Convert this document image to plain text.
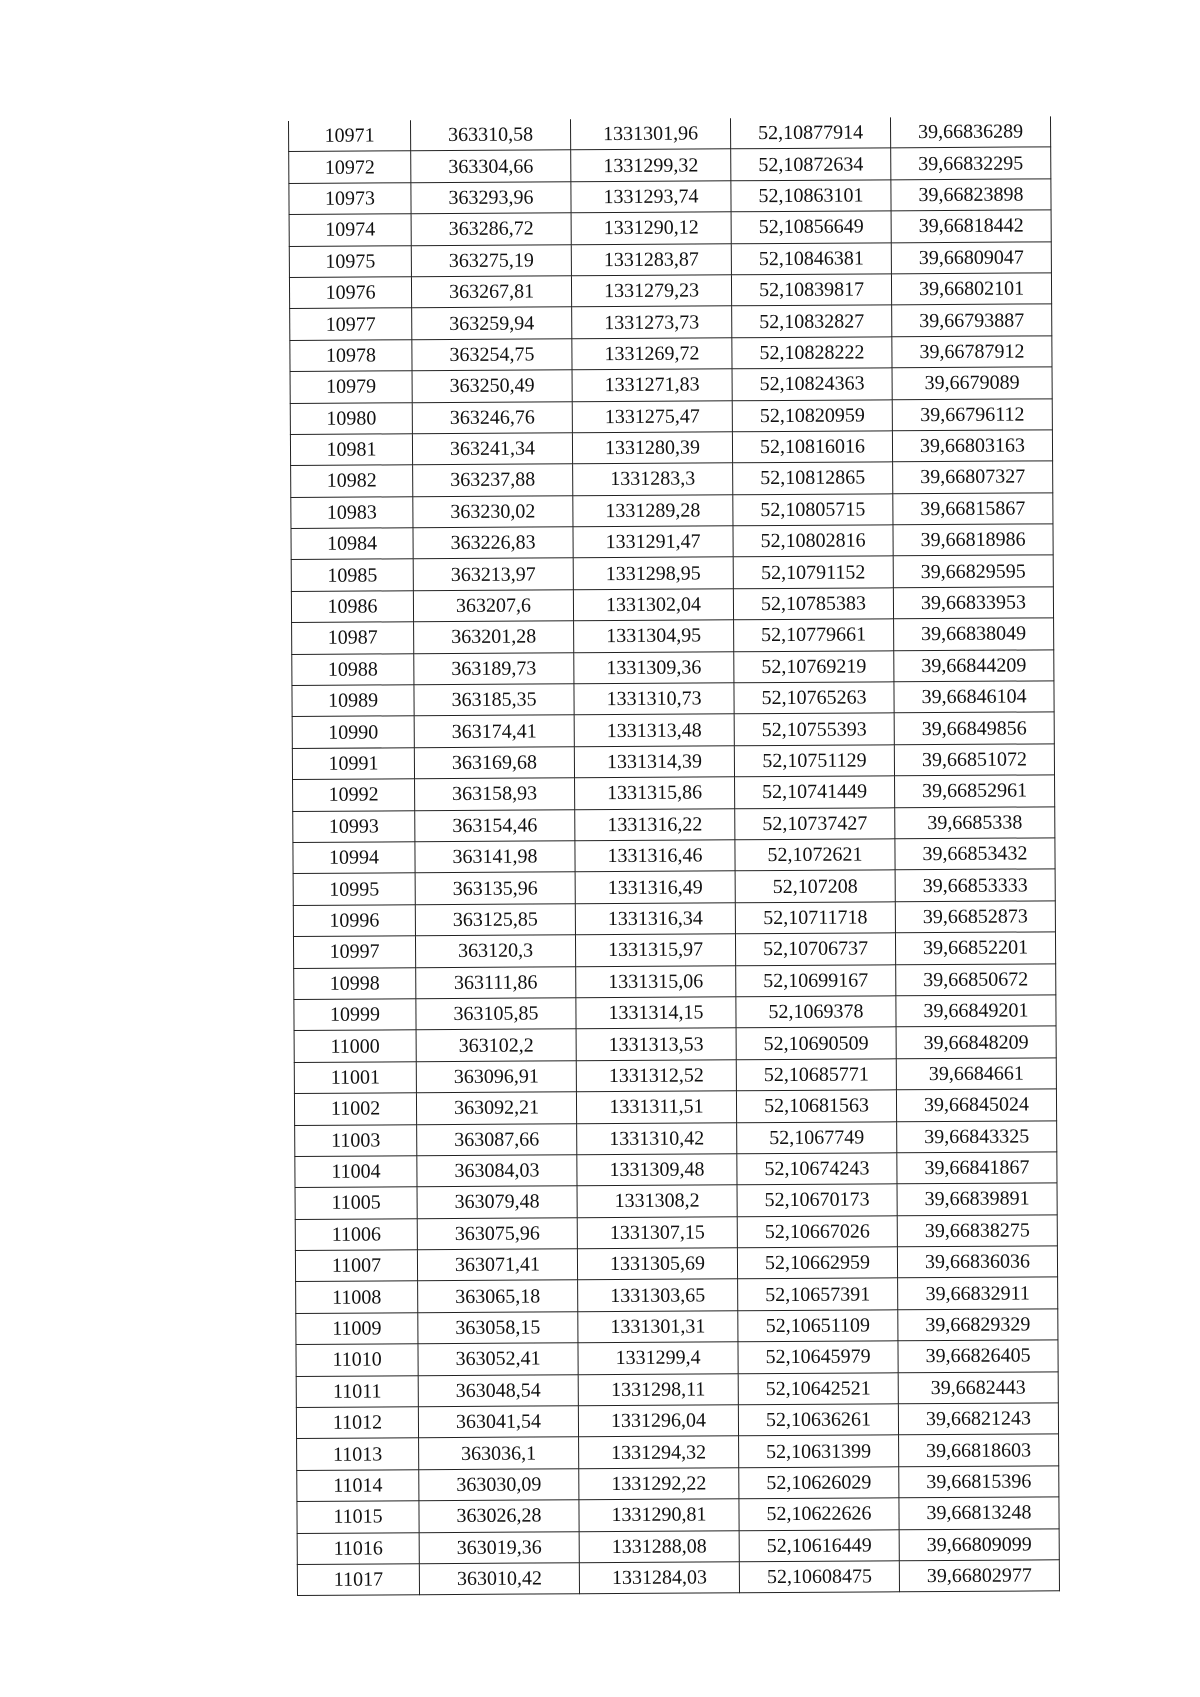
10971	363310,58	1331301,96	52,10877914	39,66836289
10972	363304,66	1331299,32	52,10872634	39,66832295
10973	363293,96	1331293,74	52,10863101	39,66823898
10974	363286,72	1331290,12	52,10856649	39,66818442
10975	363275,19	1331283,87	52,10846381	39,66809047
10976	363267,81	1331279,23	52,10839817	39,66802101
10977	363259,94	1331273,73	52,10832827	39,66793887
10978	363254,75	1331269,72	52,10828222	39,66787912
10979	363250,49	1331271,83	52,10824363	39,6679089
10980	363246,76	1331275,47	52,10820959	39,66796112
10981	363241,34	1331280,39	52,10816016	39,66803163
10982	363237,88	1331283,3	52,10812865	39,66807327
10983	363230,02	1331289,28	52,10805715	39,66815867
10984	363226,83	1331291,47	52,10802816	39,66818986
10985	363213,97	1331298,95	52,10791152	39,66829595
10986	363207,6	1331302,04	52,10785383	39,66833953
10987	363201,28	1331304,95	52,10779661	39,66838049
10988	363189,73	1331309,36	52,10769219	39,66844209
10989	363185,35	1331310,73	52,10765263	39,66846104
10990	363174,41	1331313,48	52,10755393	39,66849856
10991	363169,68	1331314,39	52,10751129	39,66851072
10992	363158,93	1331315,86	52,10741449	39,66852961
10993	363154,46	1331316,22	52,10737427	39,6685338
10994	363141,98	1331316,46	52,1072621	39,66853432
10995	363135,96	1331316,49	52,107208	39,66853333
10996	363125,85	1331316,34	52,10711718	39,66852873
10997	363120,3	1331315,97	52,10706737	39,66852201
10998	363111,86	1331315,06	52,10699167	39,66850672
10999	363105,85	1331314,15	52,1069378	39,66849201
11000	363102,2	1331313,53	52,10690509	39,66848209
11001	363096,91	1331312,52	52,10685771	39,6684661
11002	363092,21	1331311,51	52,10681563	39,66845024
11003	363087,66	1331310,42	52,1067749	39,66843325
11004	363084,03	1331309,48	52,10674243	39,66841867
11005	363079,48	1331308,2	52,10670173	39,66839891
11006	363075,96	1331307,15	52,10667026	39,66838275
11007	363071,41	1331305,69	52,10662959	39,66836036
11008	363065,18	1331303,65	52,10657391	39,66832911
11009	363058,15	1331301,31	52,10651109	39,66829329
11010	363052,41	1331299,4	52,10645979	39,66826405
11011	363048,54	1331298,11	52,10642521	39,6682443
11012	363041,54	1331296,04	52,10636261	39,66821243
11013	363036,1	1331294,32	52,10631399	39,66818603
11014	363030,09	1331292,22	52,10626029	39,66815396
11015	363026,28	1331290,81	52,10622626	39,66813248
11016	363019,36	1331288,08	52,10616449	39,66809099
11017	363010,42	1331284,03	52,10608475	39,66802977
